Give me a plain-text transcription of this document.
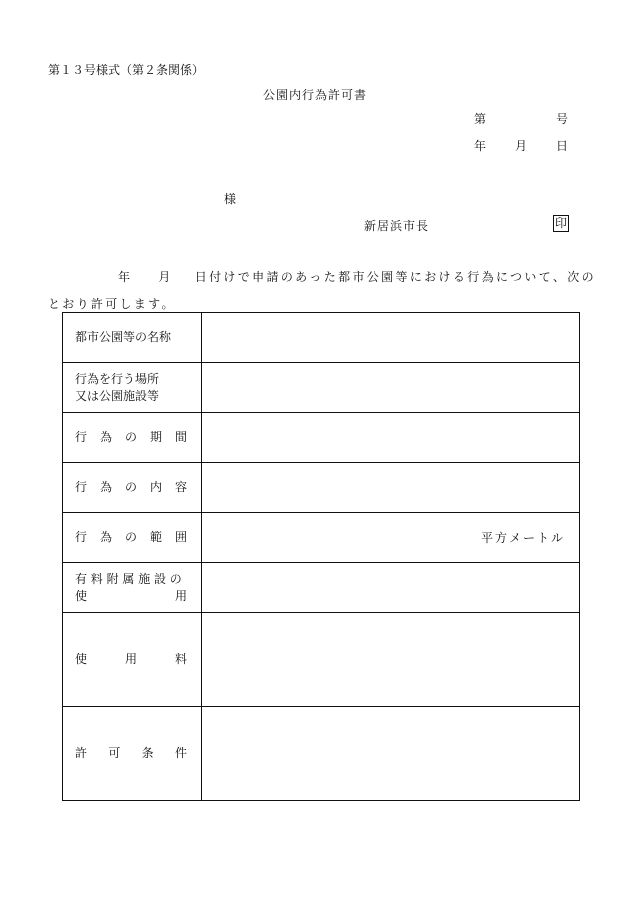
第１３号様式（第２条関係）
公園内行為許可書
第	号
年 月 日
様
新居浜市長	印
年 月 日付けで申請のあった都市公園等における行為について、次の
とおり許可します。
都市公園等の名称	

行為を行う場所
又は公園施設等	

行 為 の 期 間	

行 為 の 内 容	

行 為 の 範 囲	平方メートル

有料附属施設の
使 用	

使 用 料	

許 可 条 件	
